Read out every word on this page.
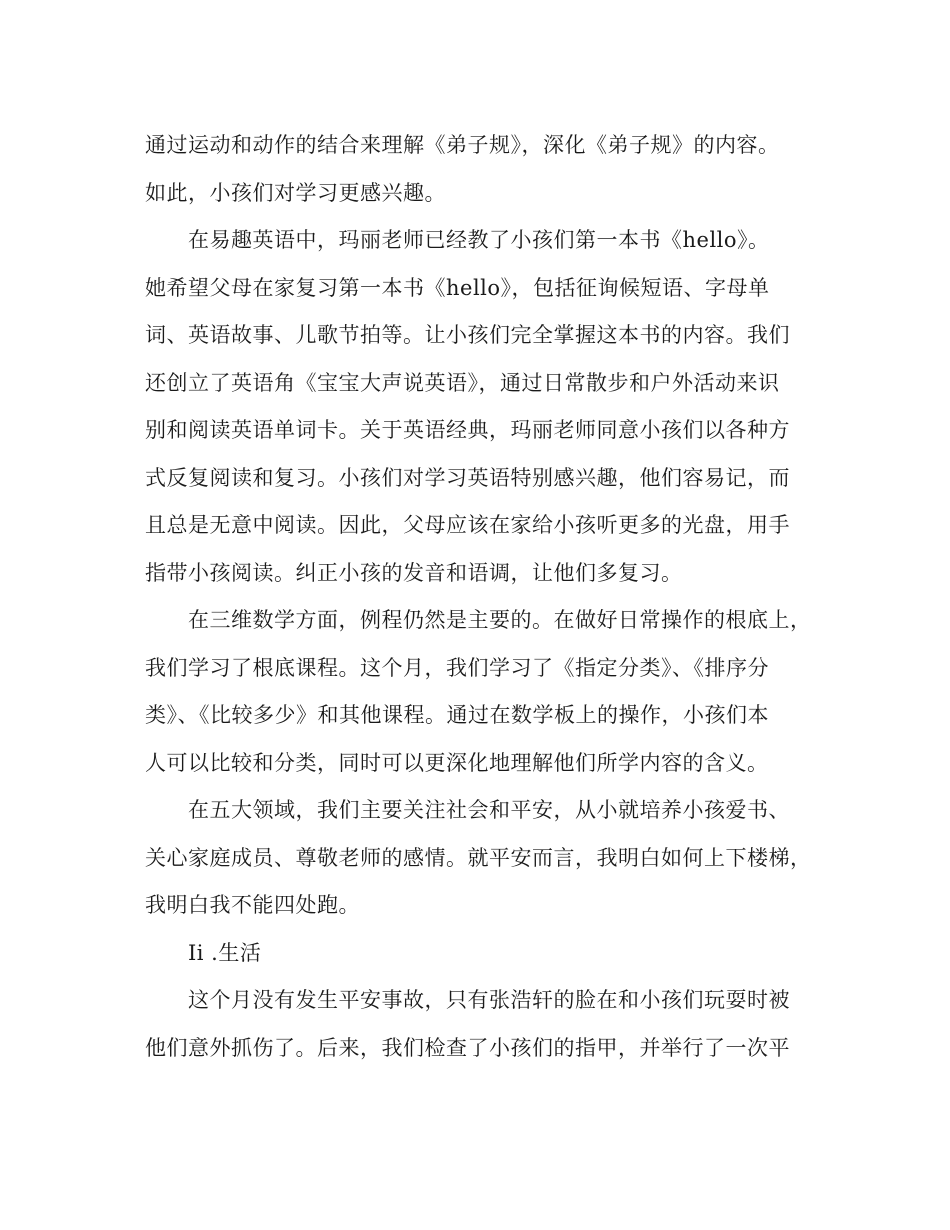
通过运动和动作的结合来理解《弟子规》，深化《弟子规》的内容。
如此，小孩们对学习更感兴趣。
在易趣英语中，玛丽老师已经教了小孩们第一本书《hello》。
她希望父母在家复习第一本书《hello》，包括征询候短语、字母单
词、英语故事、儿歌节拍等。让小孩们完全掌握这本书的内容。我们
还创立了英语角《宝宝大声说英语》，通过日常散步和户外活动来识
别和阅读英语单词卡。关于英语经典，玛丽老师同意小孩们以各种方
式反复阅读和复习。小孩们对学习英语特别感兴趣，他们容易记，而
且总是无意中阅读。因此，父母应该在家给小孩听更多的光盘，用手
指带小孩阅读。纠正小孩的发音和语调，让他们多复习。
在三维数学方面，例程仍然是主要的。在做好日常操作的根底上，
我们学习了根底课程。这个月，我们学习了《指定分类》、《排序分
类》、《比较多少》和其他课程。通过在数学板上的操作，小孩们本
人可以比较和分类，同时可以更深化地理解他们所学内容的含义。
在五大领域，我们主要关注社会和平安，从小就培养小孩爱书、
关心家庭成员、尊敬老师的感情。就平安而言，我明白如何上下楼梯，
我明白我不能四处跑。
Ii .生活
这个月没有发生平安事故，只有张浩轩的脸在和小孩们玩耍时被
他们意外抓伤了。后来，我们检查了小孩们的指甲，并举行了一次平
